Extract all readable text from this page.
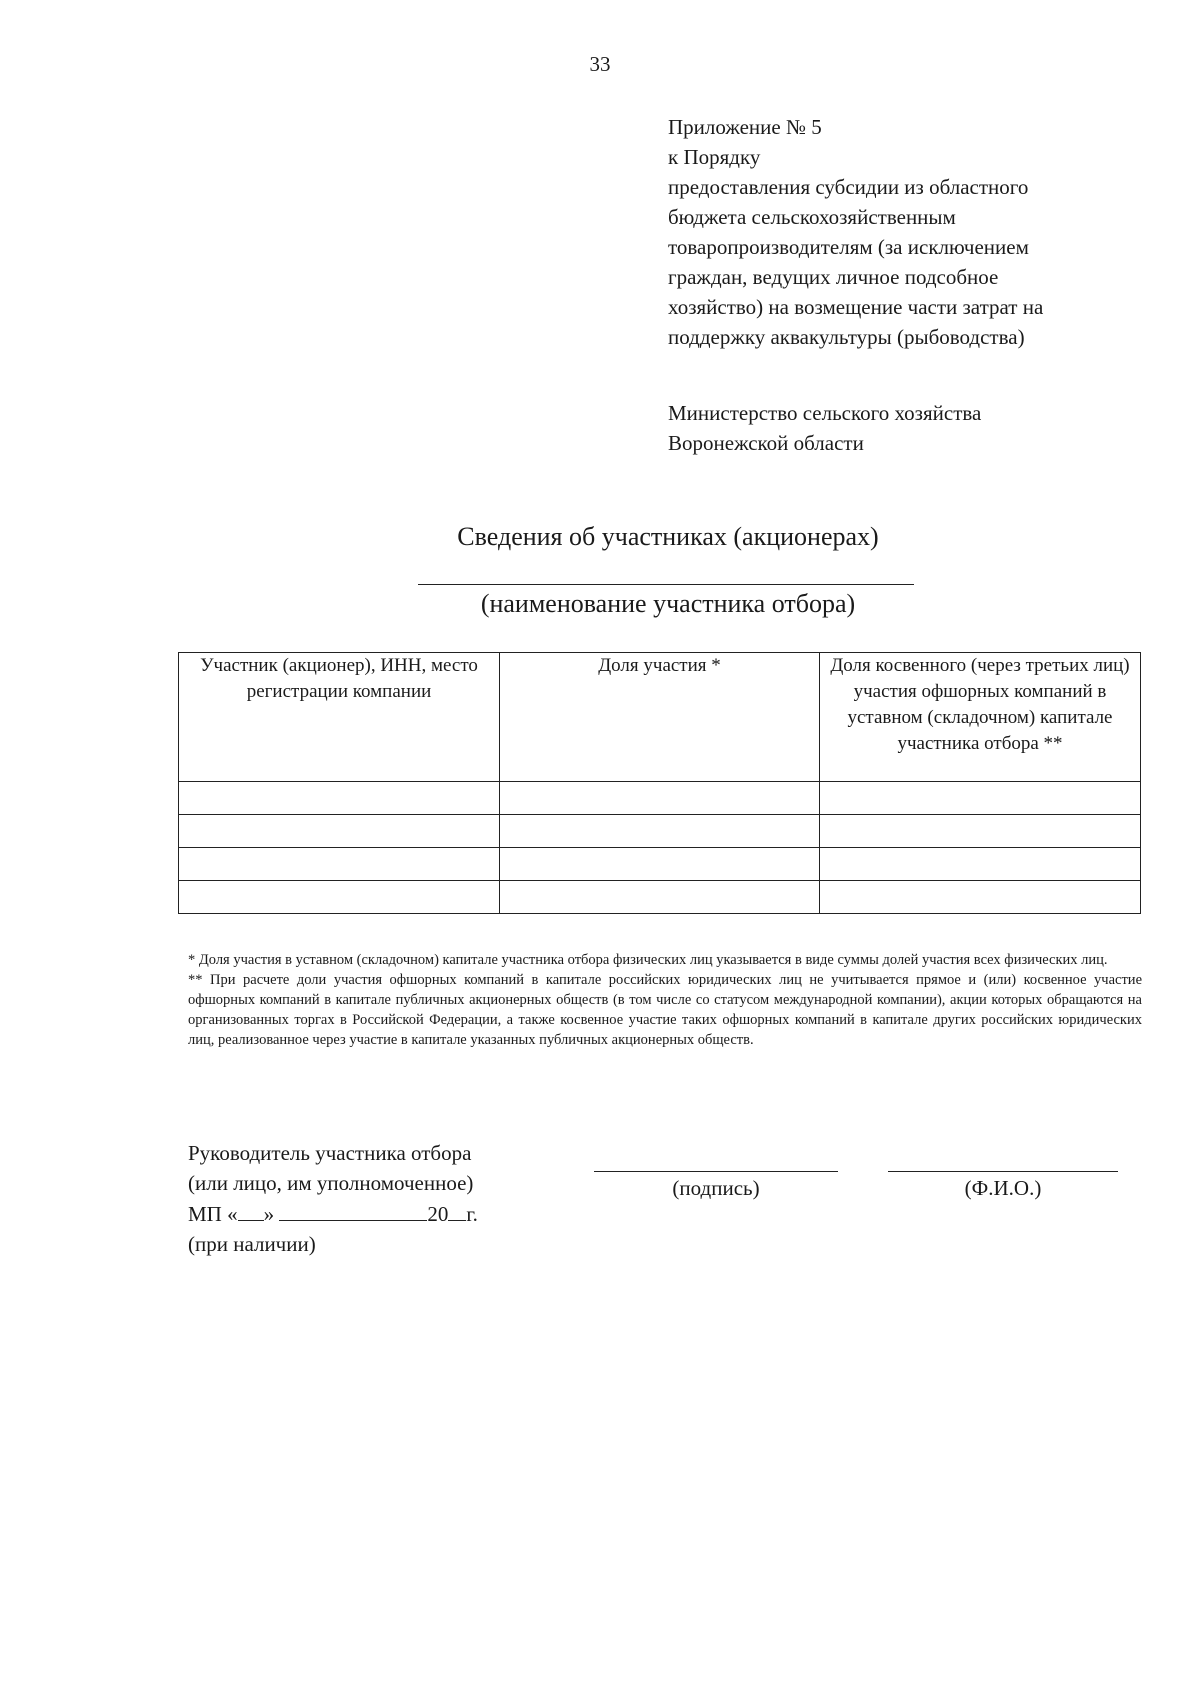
33
Приложение № 5
к Порядку
предоставления субсидии из областного
бюджета сельскохозяйственным
товаропроизводителям (за исключением
граждан, ведущих личное подсобное
хозяйство) на возмещение части затрат на
поддержку аквакультуры (рыбоводства)
Министерство сельского хозяйства
Воронежской области
Сведения об участниках (акционерах)
(наименование участника отбора)
Участник (акционер), ИНН, место регистрации компании	Доля участия *	Доля косвенного (через третьих лиц) участия офшорных компаний в уставном (складочном) капитале участника отбора **

* Доля участия в уставном (складочном) капитале участника отбора физических лиц указывается в виде суммы долей участия всех физических лиц.

** При расчете доли участия офшорных компаний в капитале российских юридических лиц не учитывается прямое и (или) косвенное участие офшорных компаний в капитале публичных акционерных обществ (в том числе со статусом международной компании), акции которых обращаются на организованных торгах в Российской Федерации, а также косвенное участие таких офшорных компаний в капитале других российских юридических лиц, реализованное через участие в капитале указанных публичных акционерных обществ.

Руководитель участника отбора
(или лицо, им уполномоченное)
МП « »	20 г.
(при наличии)
(подпись)	(Ф.И.О.)
